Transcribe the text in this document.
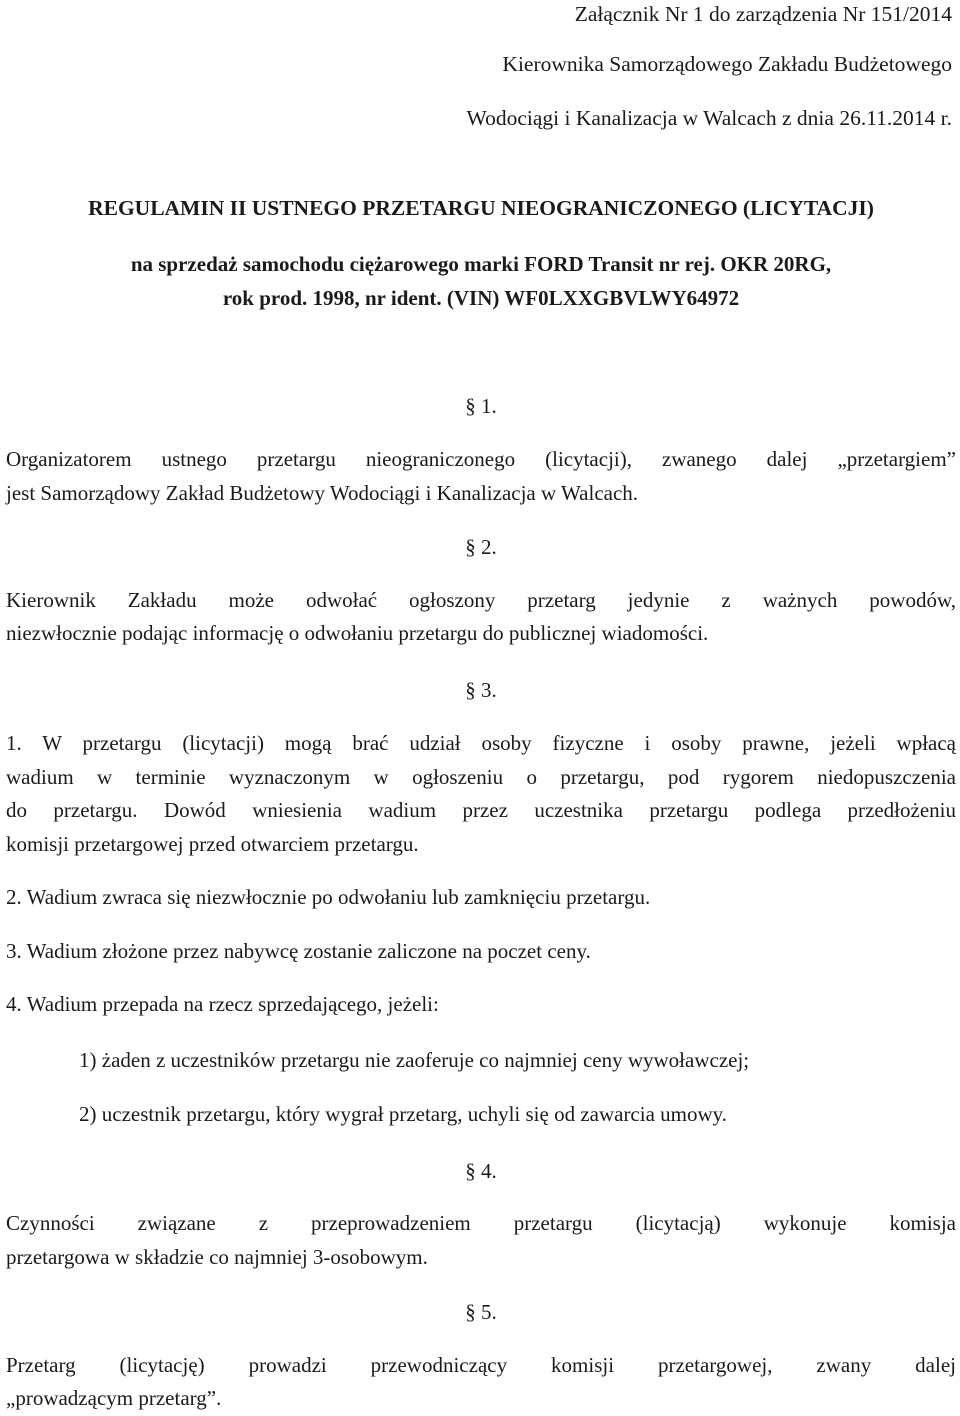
Załącznik Nr 1 do zarządzenia Nr 151/2014
Kierownika Samorządowego Zakładu Budżetowego
Wodociągi i Kanalizacja w Walcach z dnia 26.11.2014 r.
REGULAMIN II USTNEGO PRZETARGU NIEOGRANICZONEGO (LICYTACJI)
na sprzedaż samochodu ciężarowego marki FORD Transit nr rej. OKR 20RG,
rok prod. 1998, nr ident. (VIN) WF0LXXGBVLWY64972
§ 1.
Organizatorem ustnego przetargu nieograniczonego (licytacji), zwanego dalej „przetargiem”
jest Samorządowy Zakład Budżetowy Wodociągi i Kanalizacja w Walcach.
§ 2.
Kierownik Zakładu może odwołać ogłoszony przetarg jedynie z ważnych powodów,
niezwłocznie podając informację o odwołaniu przetargu do publicznej wiadomości.
§ 3.
1. W przetargu (licytacji) mogą brać udział osoby fizyczne i osoby prawne, jeżeli wpłacą
wadium w terminie wyznaczonym w ogłoszeniu o przetargu, pod rygorem niedopuszczenia
do przetargu. Dowód wniesienia wadium przez uczestnika przetargu podlega przedłożeniu
komisji przetargowej przed otwarciem przetargu.
2. Wadium zwraca się niezwłocznie po odwołaniu lub zamknięciu przetargu.
3. Wadium złożone przez nabywcę zostanie zaliczone na poczet ceny.
4. Wadium przepada na rzecz sprzedającego, jeżeli:
1) żaden z uczestników przetargu nie zaoferuje co najmniej ceny wywoławczej;
2) uczestnik przetargu, który wygrał przetarg, uchyli się od zawarcia umowy.
§ 4.
Czynności związane z przeprowadzeniem przetargu (licytacją) wykonuje komisja
przetargowa w składzie co najmniej 3-osobowym.
§ 5.
Przetarg (licytację) prowadzi przewodniczący komisji przetargowej, zwany dalej
„prowadzącym przetarg”.
